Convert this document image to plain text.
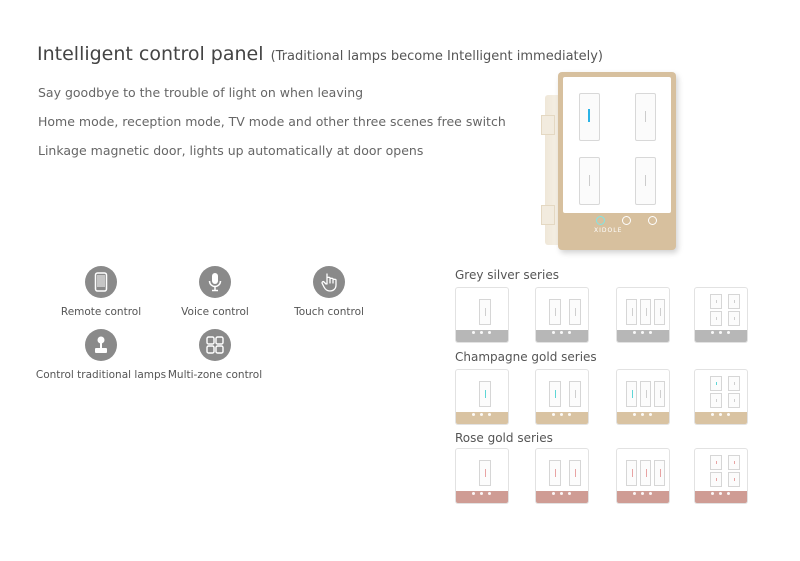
Intelligent control panel (Traditional lamps become Intelligent immediately)
Say goodbye to the trouble of light on when leaving
Home mode, reception mode, TV mode and other three scenes free switch
Linkage magnetic door, lights up automatically at door opens
XIDOLE
Remote control	Voice control	Touch control
Control traditional lamps Multi-zone control
Grey silver series
Champagne gold series
Rose gold series
